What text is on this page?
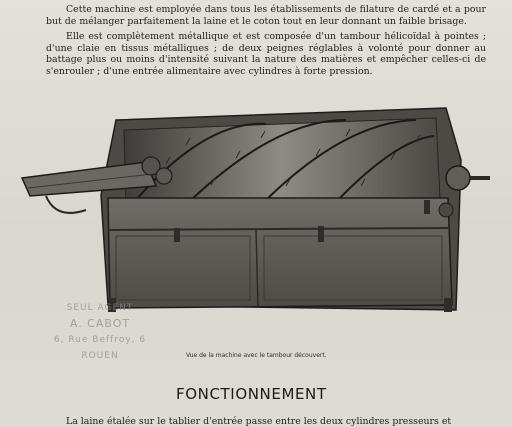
Cette machine est employée dans tous les établissements de filature de cardé et a pour but de mélanger parfaitement la laine et le coton tout en leur donnant un faible brisage.

Elle est complètement métallique et est composée d'un tambour hélicoïdal à pointes ; d'une claie en tissus métalliques ; de deux peignes réglables à volonté pour donner au battage plus ou moins d'intensité suivant la nature des matières et empêcher celles-ci de s'enrouler ; d'une entrée alimentaire avec cylindres à forte pression.

SEUL AGENT
A. CABOT
6, Rue Beffroy, 6
ROUEN	Vue de la machine avec le tambour découvert.
FONCTIONNEMENT
La laine étalée sur le tablier d'entrée passe entre les deux cylindres presseurs et
